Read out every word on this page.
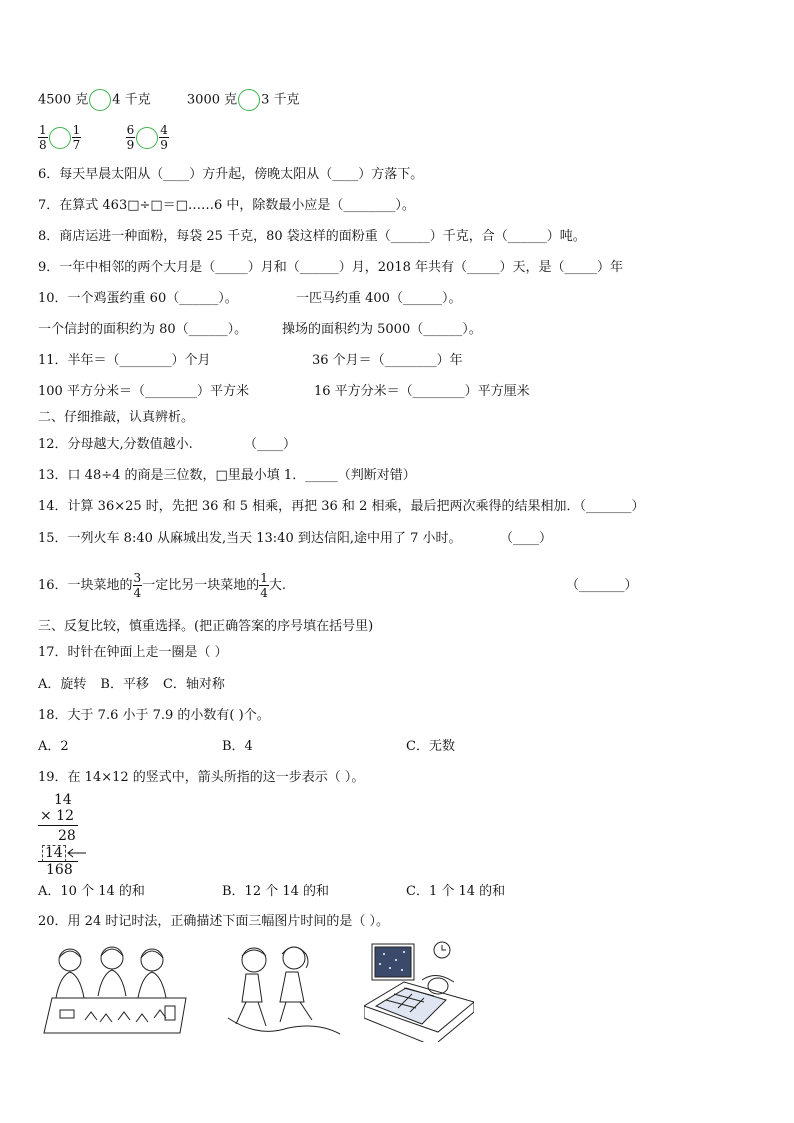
4500 克 4 千克	3000 克 3 千克
$\frac{1}{8} \frac{1}{7}$
	$\frac{6}{9} \frac{4}{9}$
6．每天早晨太阳从（____）方升起，傍晚太阳从（____）方落下。
7．在算式 463□÷□＝□……6 中，除数最小应是（________）。
8．商店运进一种面粉，每袋 25 千克，80 袋这样的面粉重（______）千克，合（______）吨。
9．一年中相邻的两个大月是（_____）月和（______）月，2018 年共有（_____）天，是（_____）年
10．一个鸡蛋约重 60（______）。	一匹马约重 400（______）。
一个信封的面积约为 80（______）。	操场的面积约为 5000（______）。
11．半年＝（________）个月	36 个月＝（________）年
100 平方分米＝（________）平方米	16 平方分米＝（________）平方厘米
二、仔细推敲，认真辨析。
12．分母越大,分数值越小.	（____）
13．口 48÷4 的商是三位数，□里最小填 1．_____（判断对错）
14．计算 36×25 时，先把 36 和 5 相乘，再把 36 和 2 相乘，最后把两次乘得的结果相加．（_______）
15．一列火车 8:40 从麻城出发,当天 13:40 到达信阳,途中用了 7 小时。	（____）
16．一块菜地的 $\frac{3}{4}$ 一定比另一块菜地的 $\frac{1}{4}$ 大.	（_______）
三、反复比较，慎重选择。(把正确答案的序号填在括号里)
17．时针在钟面上走一圈是（ ）
A．旋转 B．平移 C．轴对称
18．大于 7.6 小于 7.9 的小数有( )个。
A．2	B．4	C．无数
19．在 14×12 的竖式中，箭头所指的这一步表示（ ）。
14
× 12
28
14
168
A．10 个 14 的和	B．12 个 14 的和	C．1 个 14 的和
20．用 24 时记时法，正确描述下面三幅图片时间的是（ ）。
